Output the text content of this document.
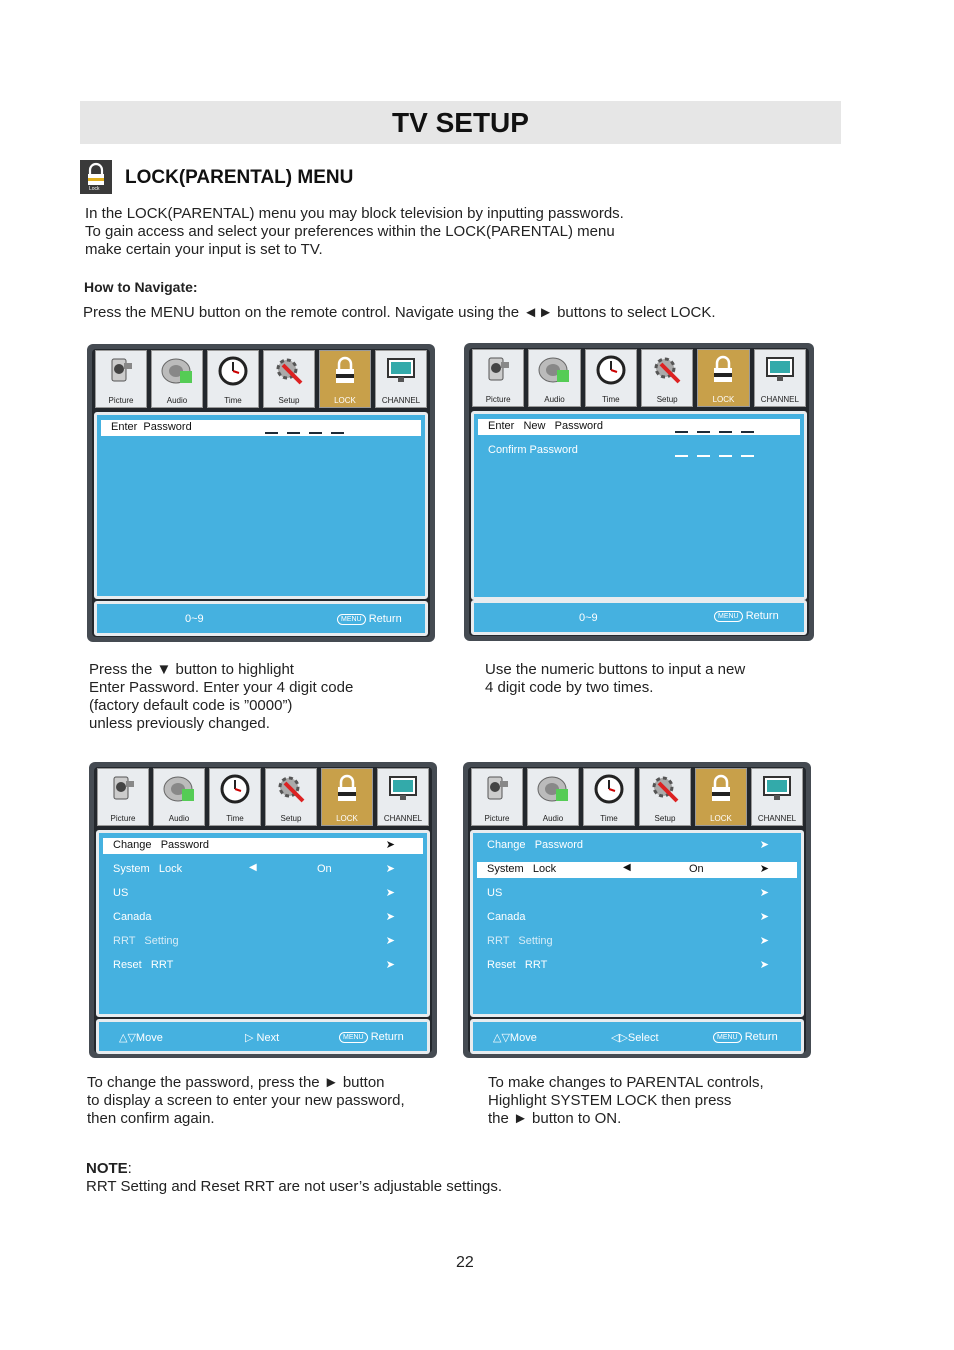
TV SETUP
Lock
LOCK(PARENTAL) MENU
In the LOCK(PARENTAL) menu you may block television by inputting passwords.
To gain access and select your preferences within the LOCK(PARENTAL) menu
make certain your input is set to TV.
How to Navigate:
Press the MENU button on the remote control. Navigate using the ◄► buttons to select LOCK.
Picture	Audio	Time	Setup	LOCK	CHANNEL
Enter  Password
0~9	MENU Return
Picture	Audio	Time	Setup	LOCK	CHANNEL
Enter   New   Password
Confirm Password
0~9	MENU Return
Press the ▼ button to highlight
Enter Password. Enter your 4 digit code
(factory default code is ”0000”)
unless previously changed.
Use the numeric buttons to input a new
4 digit code by two times.
Picture	Audio	Time	Setup	LOCK	CHANNEL
Change   Password	➤
System   Lock	◀	On	➤
US	➤
Canada	➤
RRT   Setting	➤
Reset   RRT	➤
△▽Move	▷ Next	MENU Return
Picture	Audio	Time	Setup	LOCK	CHANNEL
Change   Password	➤
System   Lock	◀	On	➤
US	➤
Canada	➤
RRT   Setting	➤
Reset   RRT	➤
△▽Move	◁▷Select	MENU Return
To change the password, press the ► button
to display a screen to enter your new password,
then confirm again.
To make changes to PARENTAL controls,
Highlight SYSTEM LOCK then press
the ► button to ON.
NOTE:
RRT Setting and Reset RRT are not user’s adjustable settings.
22
